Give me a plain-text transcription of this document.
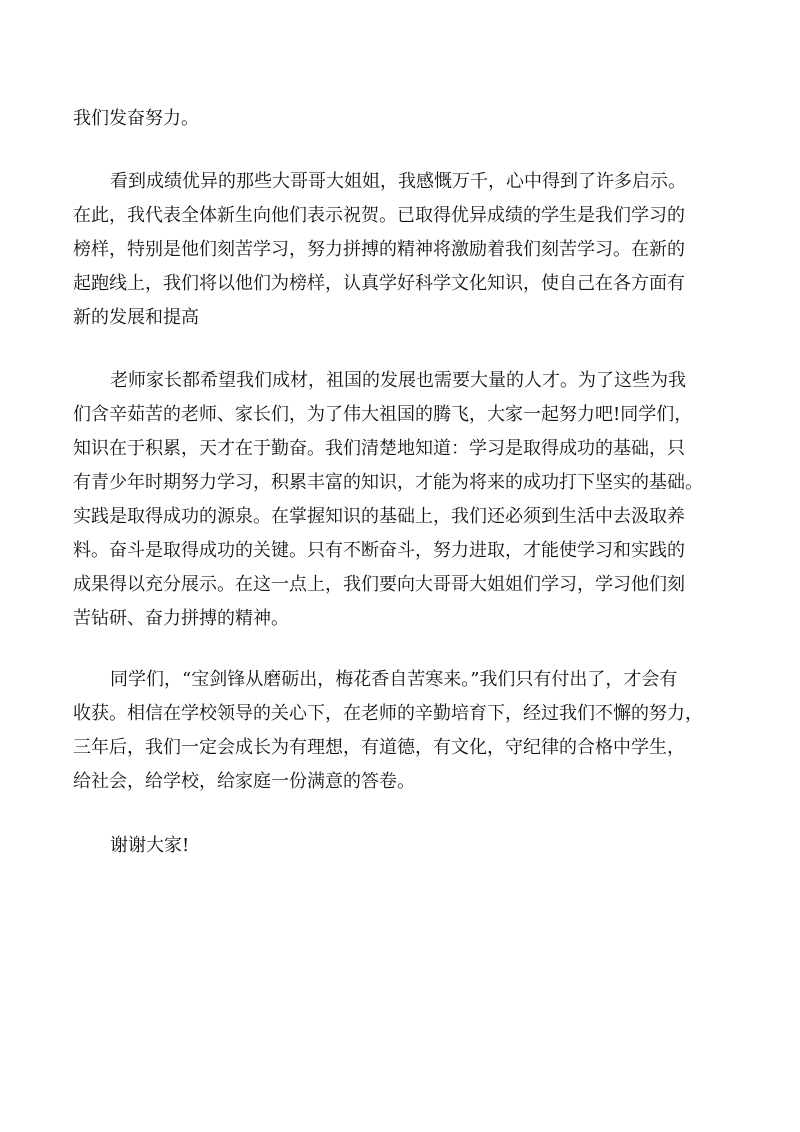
我们发奋努力。
看到成绩优异的那些大哥哥大姐姐，我感慨万千，心中得到了许多启示。
在此，我代表全体新生向他们表示祝贺。已取得优异成绩的学生是我们学习的
榜样，特别是他们刻苦学习，努力拼搏的精神将激励着我们刻苦学习。在新的
起跑线上，我们将以他们为榜样，认真学好科学文化知识，使自己在各方面有
新的发展和提高
老师家长都希望我们成材，祖国的发展也需要大量的人才。为了这些为我
们含辛茹苦的老师、家长们，为了伟大祖国的腾飞，大家一起努力吧!同学们，
知识在于积累，天才在于勤奋。我们清楚地知道：学习是取得成功的基础，只
有青少年时期努力学习，积累丰富的知识，才能为将来的成功打下坚实的基础。
实践是取得成功的源泉。在掌握知识的基础上，我们还必须到生活中去汲取养
料。奋斗是取得成功的关键。只有不断奋斗，努力进取，才能使学习和实践的
成果得以充分展示。在这一点上，我们要向大哥哥大姐姐们学习，学习他们刻
苦钻研、奋力拼搏的精神。
同学们，“宝剑锋从磨砺出，梅花香自苦寒来。”我们只有付出了，才会有
收获。相信在学校领导的关心下，在老师的辛勤培育下，经过我们不懈的努力，
三年后，我们一定会成长为有理想，有道德，有文化，守纪律的合格中学生，
给社会，给学校，给家庭一份满意的答卷。
谢谢大家!
